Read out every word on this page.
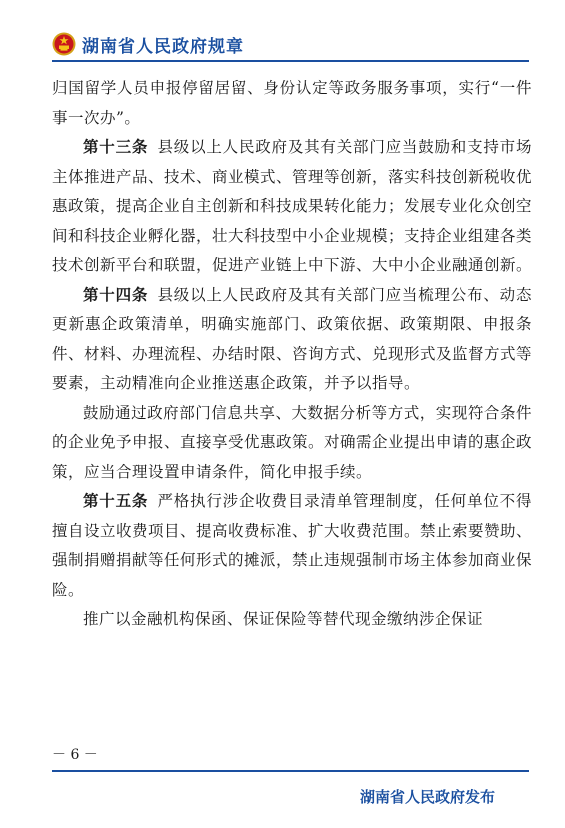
湖南省人民政府规章

归国留学人员申报停留居留、身份认定等政务服务事项，实行“一件事一次办”。

第十三条 县级以上人民政府及其有关部门应当鼓励和支持市场主体推进产品、技术、商业模式、管理等创新，落实科技创新税收优惠政策，提高企业自主创新和科技成果转化能力；发展专业化众创空间和科技企业孵化器，壮大科技型中小企业规模；支持企业组建各类技术创新平台和联盟，促进产业链上中下游、大中小企业融通创新。

第十四条 县级以上人民政府及其有关部门应当梳理公布、动态更新惠企政策清单，明确实施部门、政策依据、政策期限、申报条件、材料、办理流程、办结时限、咨询方式、兑现形式及监督方式等要素，主动精准向企业推送惠企政策，并予以指导。

鼓励通过政府部门信息共享、大数据分析等方式，实现符合条件的企业免予申报、直接享受优惠政策。对确需企业提出申请的惠企政策，应当合理设置申请条件，简化申报手续。

第十五条 严格执行涉企收费目录清单管理制度，任何单位不得擅自设立收费项目、提高收费标准、扩大收费范围。禁止索要赞助、强制捐赠捐献等任何形式的摊派，禁止违规强制市场主体参加商业保险。

推广以金融机构保函、保证保险等替代现金缴纳涉企保证

－ 6 －
湖南省人民政府发布
